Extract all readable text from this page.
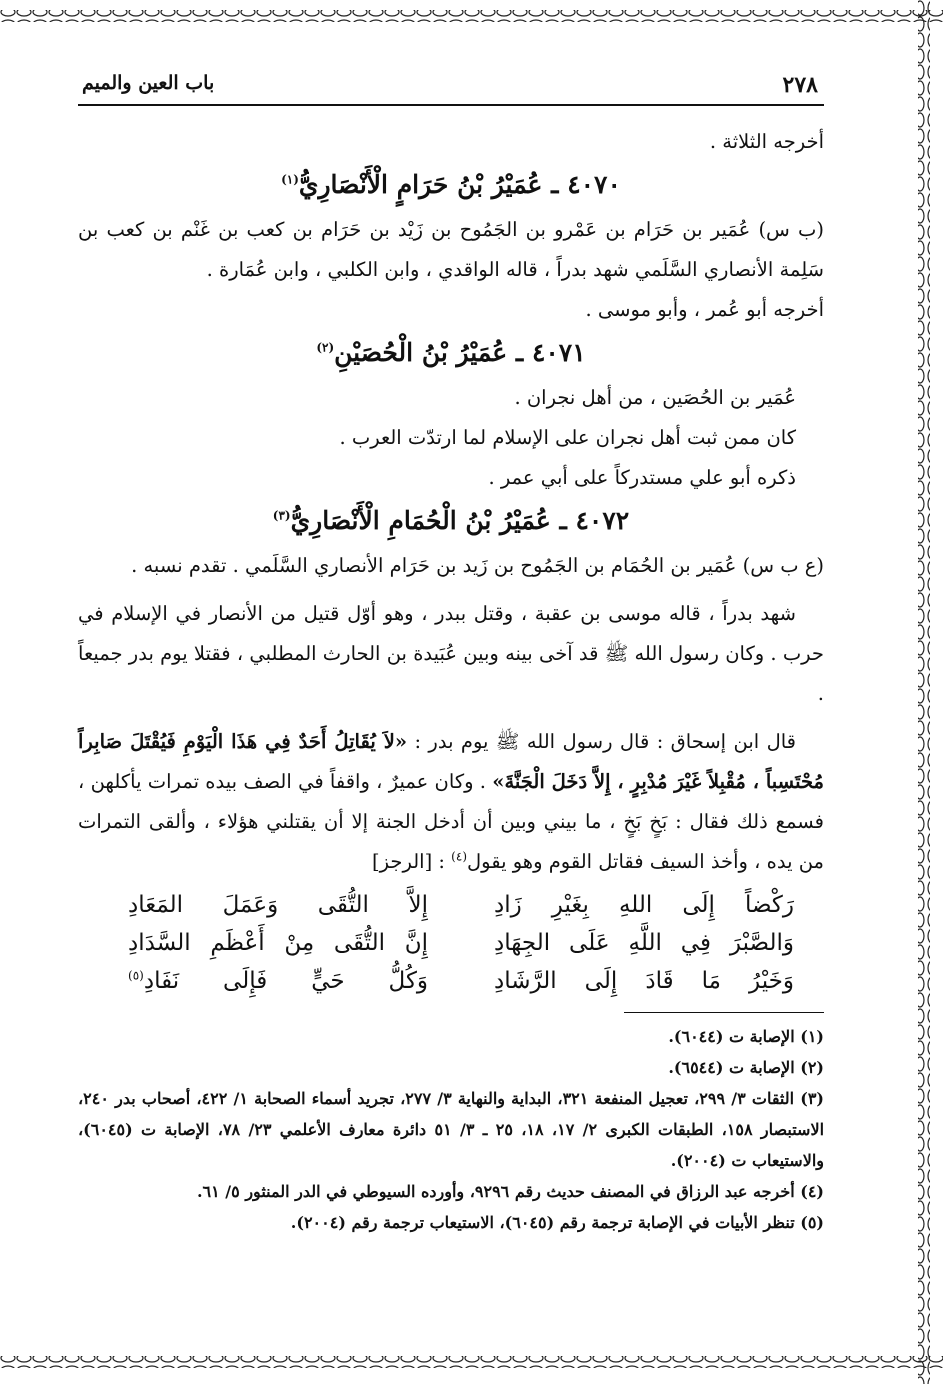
٢٧٨
باب العين والميم

أخرجه الثلاثة .

٤٠٧٠ ـ عُمَيْرُ بْنُ حَرَامٍ الْأَنْصَارِيُّ$^{(١)}$

(ب س) عُمَير بن حَرَام بن عَمْرو بن الجَمُوح بن زَيْد بن حَرَام بن كعب بن غَنْم بن كعب بن سَلِمة الأنصاري السَّلَمي شهد بدراً ، قاله الواقدي ، وابن الكلبي ، وابن عُمَارة .

أخرجه أبو عُمر ، وأبو موسى .

٤٠٧١ ـ عُمَيْرُ بْنُ الْحُصَيْنِ$^{(٢)}$

عُمَير بن الحُصَين ، من أهل نجران .

كان ممن ثبت أهل نجران على الإسلام لما ارتدّت العرب .

ذكره أبو علي مستدركاً على أبي عمر .

٤٠٧٢ ـ عُمَيْرُ بْنُ الْحُمَامِ الْأَنْصَارِيُّ$^{(٣)}$

(ع ب س) عُمَير بن الحُمَام بن الجَمُوح بن زَيد بن حَرَام الأنصاري السَّلَمي . تقدم نسبه .

شهد بدراً ، قاله موسى بن عقبة ، وقتل ببدر ، وهو أوّل قتيل من الأنصار في الإسلام في حرب . وكان رسول الله ﷺ قد آخى بينه وبين عُبَيدة بن الحارث المطلبي ، فقتلا يوم بدر جميعاً .

قال ابن إسحاق : قال رسول الله ﷺ يوم بدر : «لاَ يُقَاتِلُ أَحَدٌ فِي هَذَا الْيَوْمِ فَيُقْتَلَ صَابِراً مُحْتَسِباً ، مُقْبِلاً غَيْرَ مُدْبِرٍ ، إِلاَّ دَخَلَ الْجَنَّةَ» . وكان عميرٌ ، واقفاً في الصف بيده تمرات يأكلهن ، فسمع ذلك فقال : بَخٍ بَخٍ ، ما بيني وبين أن أدخل الجنة إلا أن يقتلني هؤلاء ، وألقى التمرات من يده ، وأخذ السيف فقاتل القوم وهو يقول$^{(٤)}$ : [الرجز]

رَكْضاً إِلَى اللهِ بِغَيْرِ زَادِ
إِلاَّ التُّقَى وَعَمَلَ المَعَادِ
وَالصَّبْرَ فِي اللَّهِ عَلَى الجِهَادِ
إِنَّ التُّقَى مِنْ أَعْظَمِ السَّدَادِ
وَخَيْرُ مَا قَادَ إِلَى الرَّشَادِ
وَكُلُّ حَيٍّ فَإِلَى نَفَادِ$^{(٥)}$

(١) الإصابة ت (٦٠٤٤).

(٢) الإصابة ت (٦٥٤٤).

(٣) الثقات ٣/ ٢٩٩، تعجيل المنفعة ٣٢١، البداية والنهاية ٣/ ٢٧٧، تجريد أسماء الصحابة ١/ ٤٢٢، أصحاب بدر ٢٤٠، الاستبصار ١٥٨، الطبقات الكبرى ٢/ ١٧، ١٨، ٢٥ ـ ٣/ ٥١ دائرة معارف الأعلمي ٢٣/ ٧٨، الإصابة ت (٦٠٤٥)، والاستيعاب ت (٢٠٠٤).

(٤) أخرجه عبد الرزاق في المصنف حديث رقم ٩٢٩٦، وأورده السيوطي في الدر المنثور ٥/ ٦١.

(٥) تنظر الأبيات في الإصابة ترجمة رقم (٦٠٤٥)، الاستيعاب ترجمة رقم (٢٠٠٤).
